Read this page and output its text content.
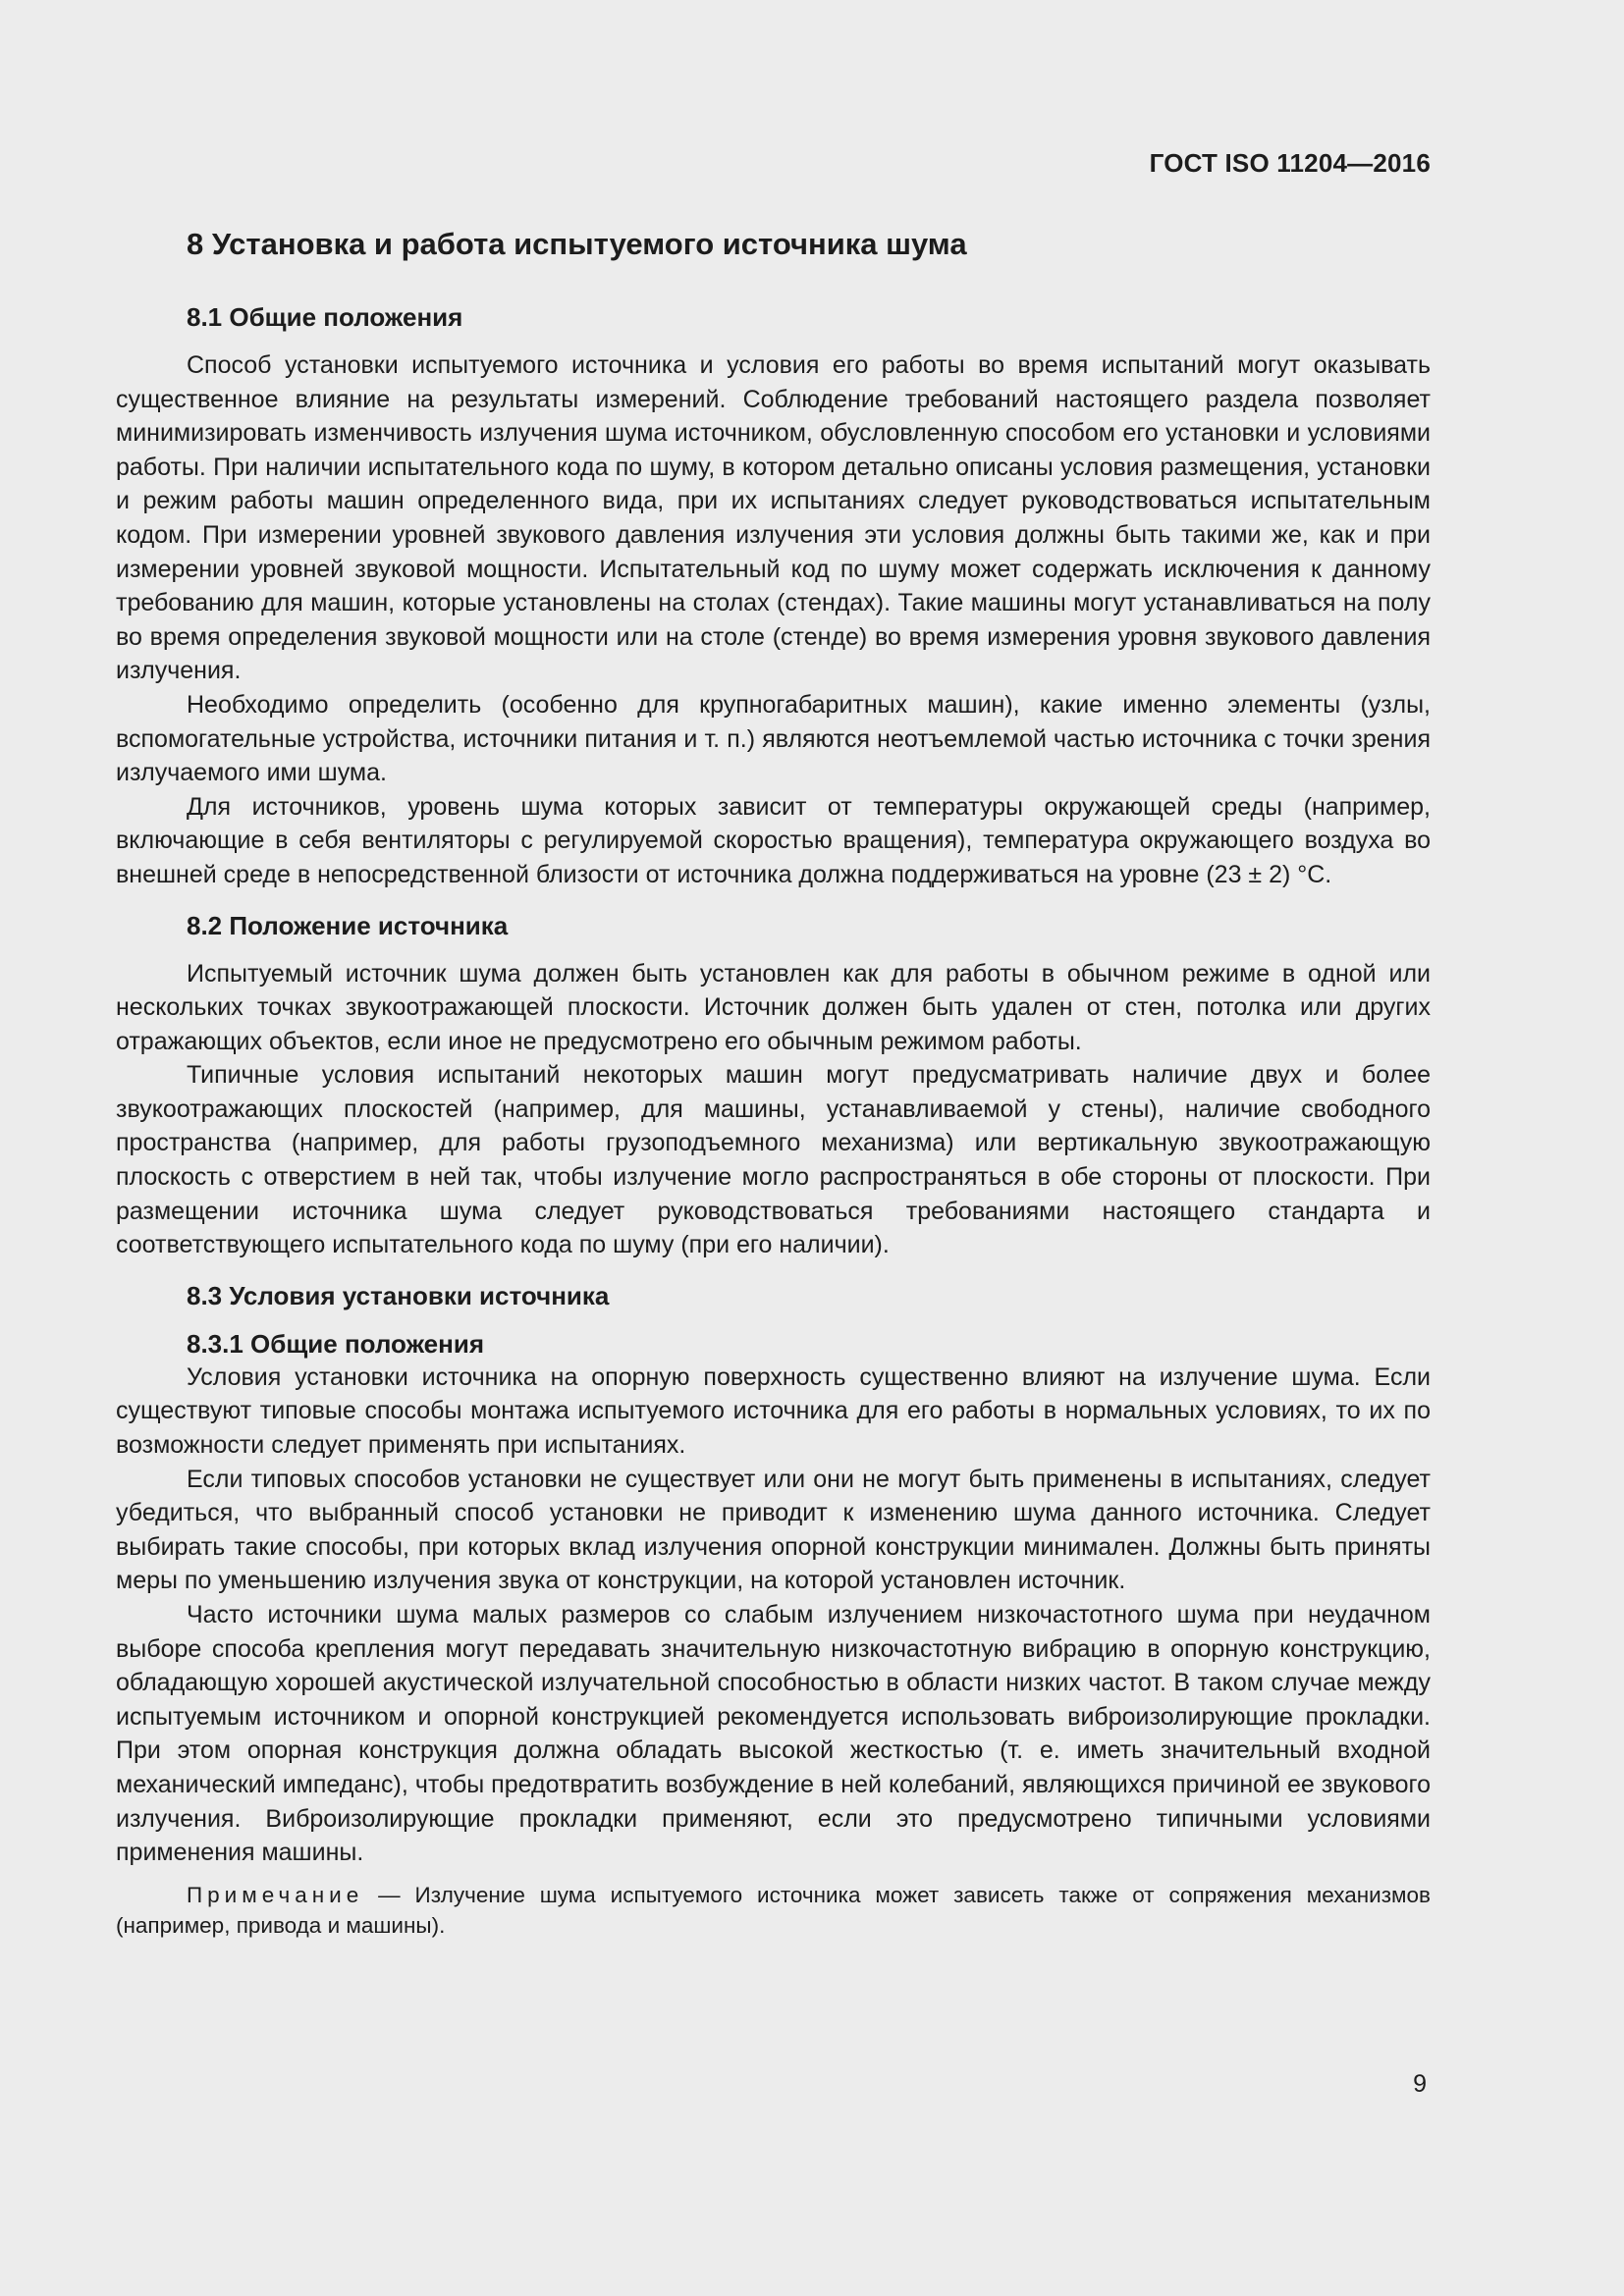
ГОСТ ISO 11204—2016
8 Установка и работа испытуемого источника шума
8.1 Общие положения

Способ установки испытуемого источника и условия его работы во время испытаний могут оказывать существенное влияние на результаты измерений. Соблюдение требований настоящего раздела позволяет минимизировать изменчивость излучения шума источником, обусловленную способом его установки и условиями работы. При наличии испытательного кода по шуму, в котором детально описаны условия размещения, установки и режим работы машин определенного вида, при их испытаниях следует руководствоваться испытательным кодом. При измерении уровней звукового давления излучения эти условия должны быть такими же, как и при измерении уровней звуковой мощности. Испытательный код по шуму может содержать исключения к данному требованию для машин, которые установлены на столах (стендах). Такие машины могут устанавливаться на полу во время определения звуковой мощности или на столе (стенде) во время измерения уровня звукового давления излучения.

Необходимо определить (особенно для крупногабаритных машин), какие именно элементы (узлы, вспомогательные устройства, источники питания и т. п.) являются неотъемлемой частью источника с точки зрения излучаемого ими шума.

Для источников, уровень шума которых зависит от температуры окружающей среды (например, включающие в себя вентиляторы с регулируемой скоростью вращения), температура окружающего воздуха во внешней среде в непосредственной близости от источника должна поддерживаться на уровне (23 ± 2) °С.

8.2 Положение источника

Испытуемый источник шума должен быть установлен как для работы в обычном режиме в одной или нескольких точках звукоотражающей плоскости. Источник должен быть удален от стен, потолка или других отражающих объектов, если иное не предусмотрено его обычным режимом работы.

Типичные условия испытаний некоторых машин могут предусматривать наличие двух и более звукоотражающих плоскостей (например, для машины, устанавливаемой у стены), наличие свободного пространства (например, для работы грузоподъемного механизма) или вертикальную звукоотражающую плоскость с отверстием в ней так, чтобы излучение могло распространяться в обе стороны от плоскости. При размещении источника шума следует руководствоваться требованиями настоящего стандарта и соответствующего испытательного кода по шуму (при его наличии).

8.3 Условия установки источника
8.3.1 Общие положения

Условия установки источника на опорную поверхность существенно влияют на излучение шума. Если существуют типовые способы монтажа испытуемого источника для его работы в нормальных условиях, то их по возможности следует применять при испытаниях.

Если типовых способов установки не существует или они не могут быть применены в испытаниях, следует убедиться, что выбранный способ установки не приводит к изменению шума данного источника. Следует выбирать такие способы, при которых вклад излучения опорной конструкции минимален. Должны быть приняты меры по уменьшению излучения звука от конструкции, на которой установлен источник.

Часто источники шума малых размеров со слабым излучением низкочастотного шума при неудачном выборе способа крепления могут передавать значительную низкочастотную вибрацию в опорную конструкцию, обладающую хорошей акустической излучательной способностью в области низких частот. В таком случае между испытуемым источником и опорной конструкцией рекомендуется использовать виброизолирующие прокладки. При этом опорная конструкция должна обладать высокой жесткостью (т. е. иметь значительный входной механический импеданс), чтобы предотвратить возбуждение в ней колебаний, являющихся причиной ее звукового излучения. Виброизолирующие прокладки применяют, если это предусмотрено типичными условиями применения машины.

Примечание — Излучение шума испытуемого источника может зависеть также от сопряжения механизмов (например, привода и машины).

9
